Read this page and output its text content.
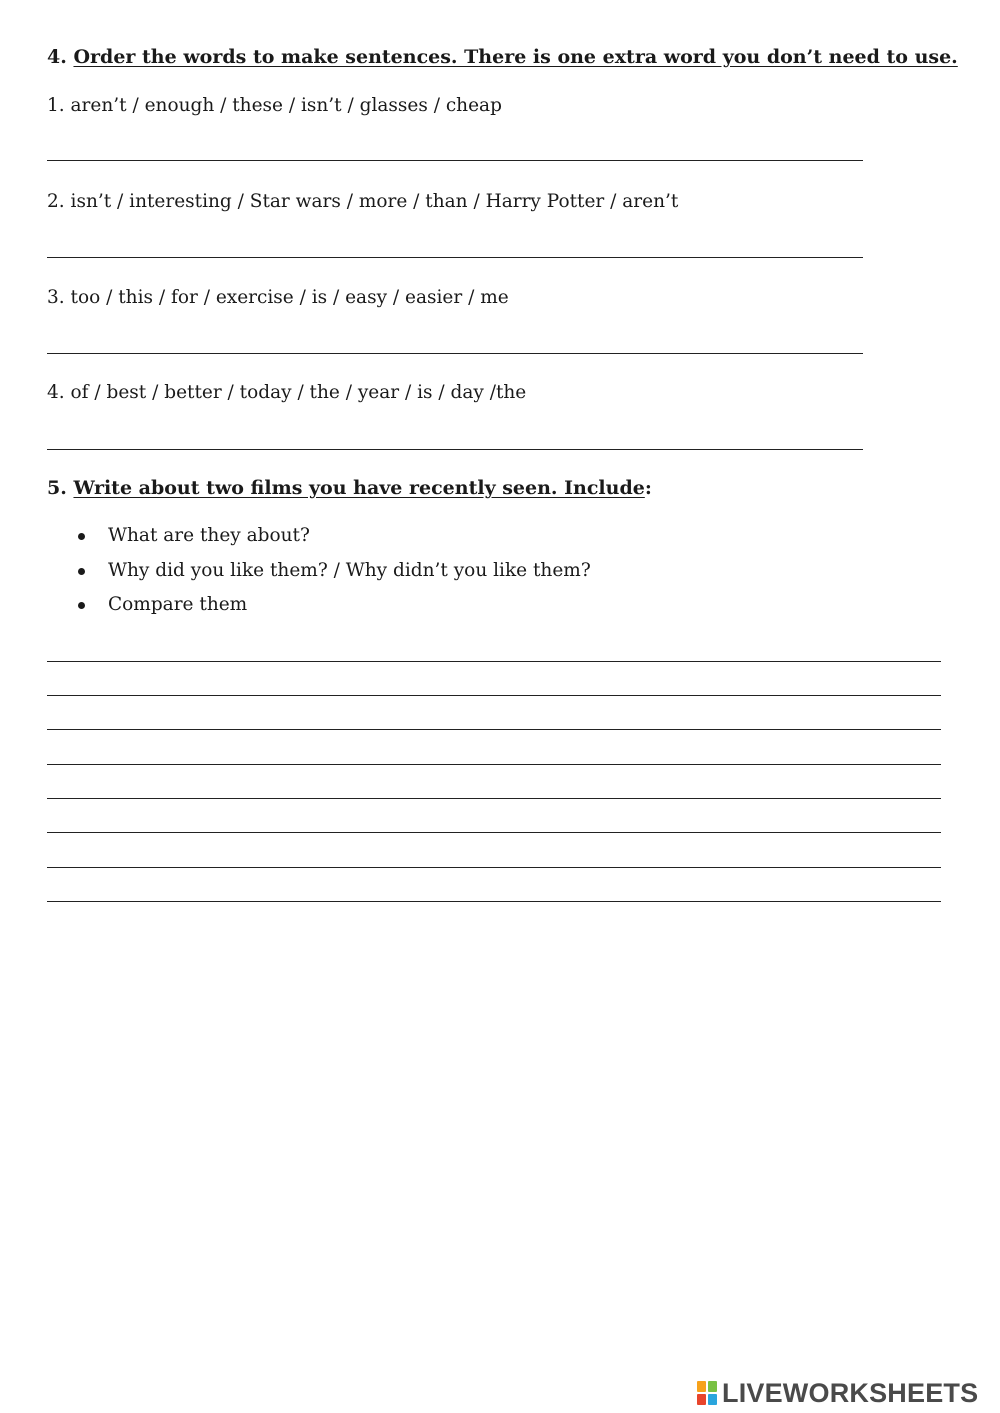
4. Order the words to make sentences. There is one extra word you don’t need to use.
1. aren’t / enough / these / isn’t / glasses / cheap
2. isn’t / interesting / Star wars / more / than / Harry Potter / aren’t
3. too / this / for / exercise / is / easy / easier / me
4. of / best / better / today / the / year / is / day /the
5. Write about two films you have recently seen. Include:
What are they about?
Why did you like them? / Why didn’t you like them?
Compare them
LIVEWORKSHEETS
